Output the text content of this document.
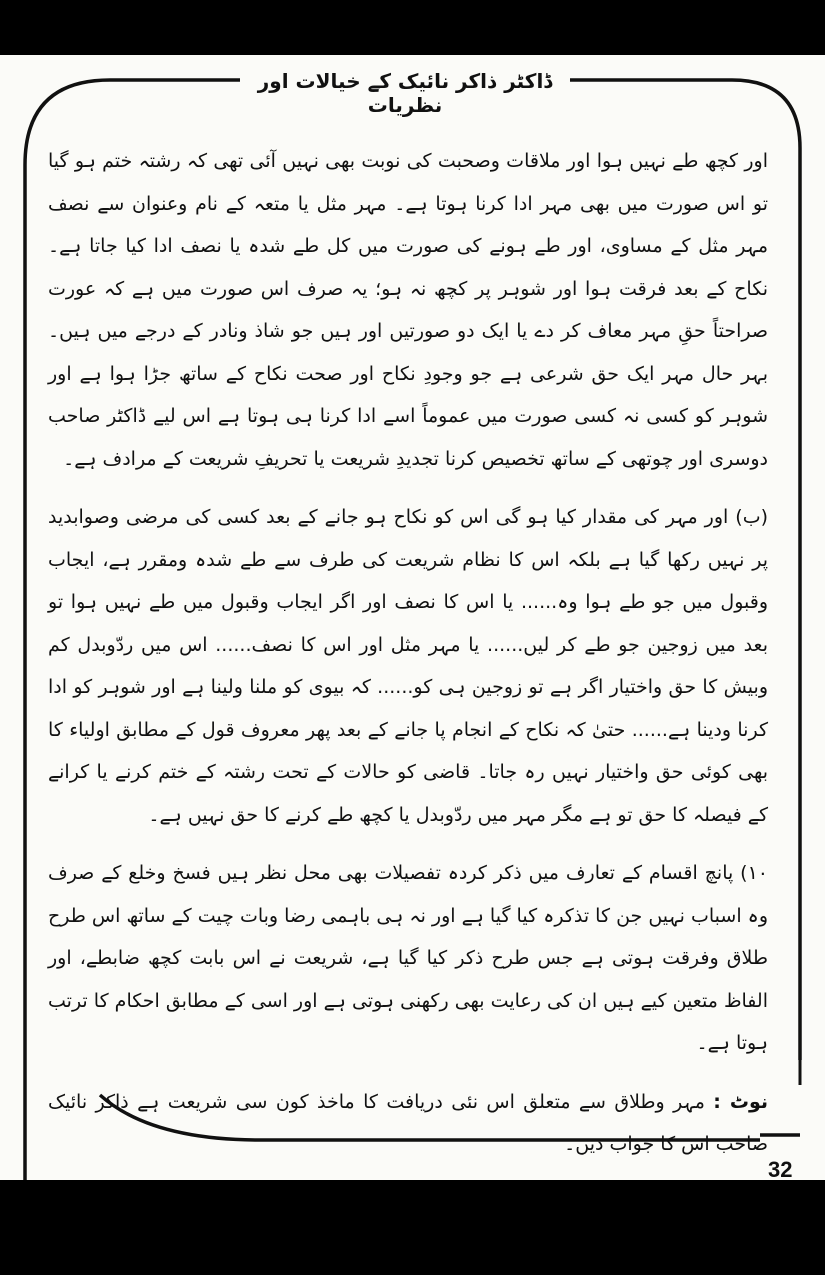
ڈاکٹر ذاکر نائیک کے خیالات اور نظریات

اور کچھ طے نہیں ہوا اور ملاقات وصحبت کی نوبت بھی نہیں آئی تھی کہ رشتہ ختم ہو گیا تو اس صورت میں بھی مہر ادا کرنا ہوتا ہے۔ مہر مثل یا متعہ کے نام وعنوان سے نصف مہر مثل کے مساوی، اور طے ہونے کی صورت میں کل طے شدہ یا نصف ادا کیا جاتا ہے۔ نکاح کے بعد فرقت ہوا اور شوہر پر کچھ نہ ہو؛ یہ صرف اس صورت میں ہے کہ عورت صراحتاً حقِ مہر معاف کر دے یا ایک دو صورتیں اور ہیں جو شاذ ونادر کے درجے میں ہیں۔ بہر حال مہر ایک حق شرعی ہے جو وجودِ نکاح اور صحت نکاح کے ساتھ جڑا ہوا ہے اور شوہر کو کسی نہ کسی صورت میں عموماً اسے ادا کرنا ہی ہوتا ہے اس لیے ڈاکٹر صاحب دوسری اور چوتھی کے ساتھ تخصیص کرنا تجدیدِ شریعت یا تحریفِ شریعت کے مرادف ہے۔

(ب) اور مہر کی مقدار کیا ہو گی اس کو نکاح ہو جانے کے بعد کسی کی مرضی وصوابدید پر نہیں رکھا گیا ہے بلکہ اس کا نظام شریعت کی طرف سے طے شدہ ومقرر ہے، ایجاب وقبول میں جو طے ہوا وہ...... یا اس کا نصف اور اگر ایجاب وقبول میں طے نہیں ہوا تو بعد میں زوجین جو طے کر لیں...... یا مہر مثل اور اس کا نصف...... اس میں ردّوبدل کم وبیش کا حق واختیار اگر ہے تو زوجین ہی کو...... کہ بیوی کو ملنا ولینا ہے اور شوہر کو ادا کرنا ودینا ہے...... حتیٰ کہ نکاح کے انجام پا جانے کے بعد پھر معروف قول کے مطابق اولیاء کا بھی کوئی حق واختیار نہیں رہ جاتا۔ قاضی کو حالات کے تحت رشتہ کے ختم کرنے یا کرانے کے فیصلہ کا حق تو ہے مگر مہر میں ردّوبدل یا کچھ طے کرنے کا حق نہیں ہے۔

۱۰) پانچ اقسام کے تعارف میں ذکر کردہ تفصیلات بھی محل نظر ہیں فسخ وخلع کے صرف وہ اسباب نہیں جن کا تذکرہ کیا گیا ہے اور نہ ہی باہمی رضا وبات چیت کے ساتھ اس طرح طلاق وفرقت ہوتی ہے جس طرح ذکر کیا گیا ہے، شریعت نے اس بابت کچھ ضابطے، اور الفاظ متعین کیے ہیں ان کی رعایت بھی رکھنی ہوتی ہے اور اسی کے مطابق احکام کا ترتب ہوتا ہے۔

نوٹ : مہر وطلاق سے متعلق اس نئی دریافت کا ماخذ کون سی شریعت ہے ذاکر نائیک صاحب اس کا جواب دیں۔

32
